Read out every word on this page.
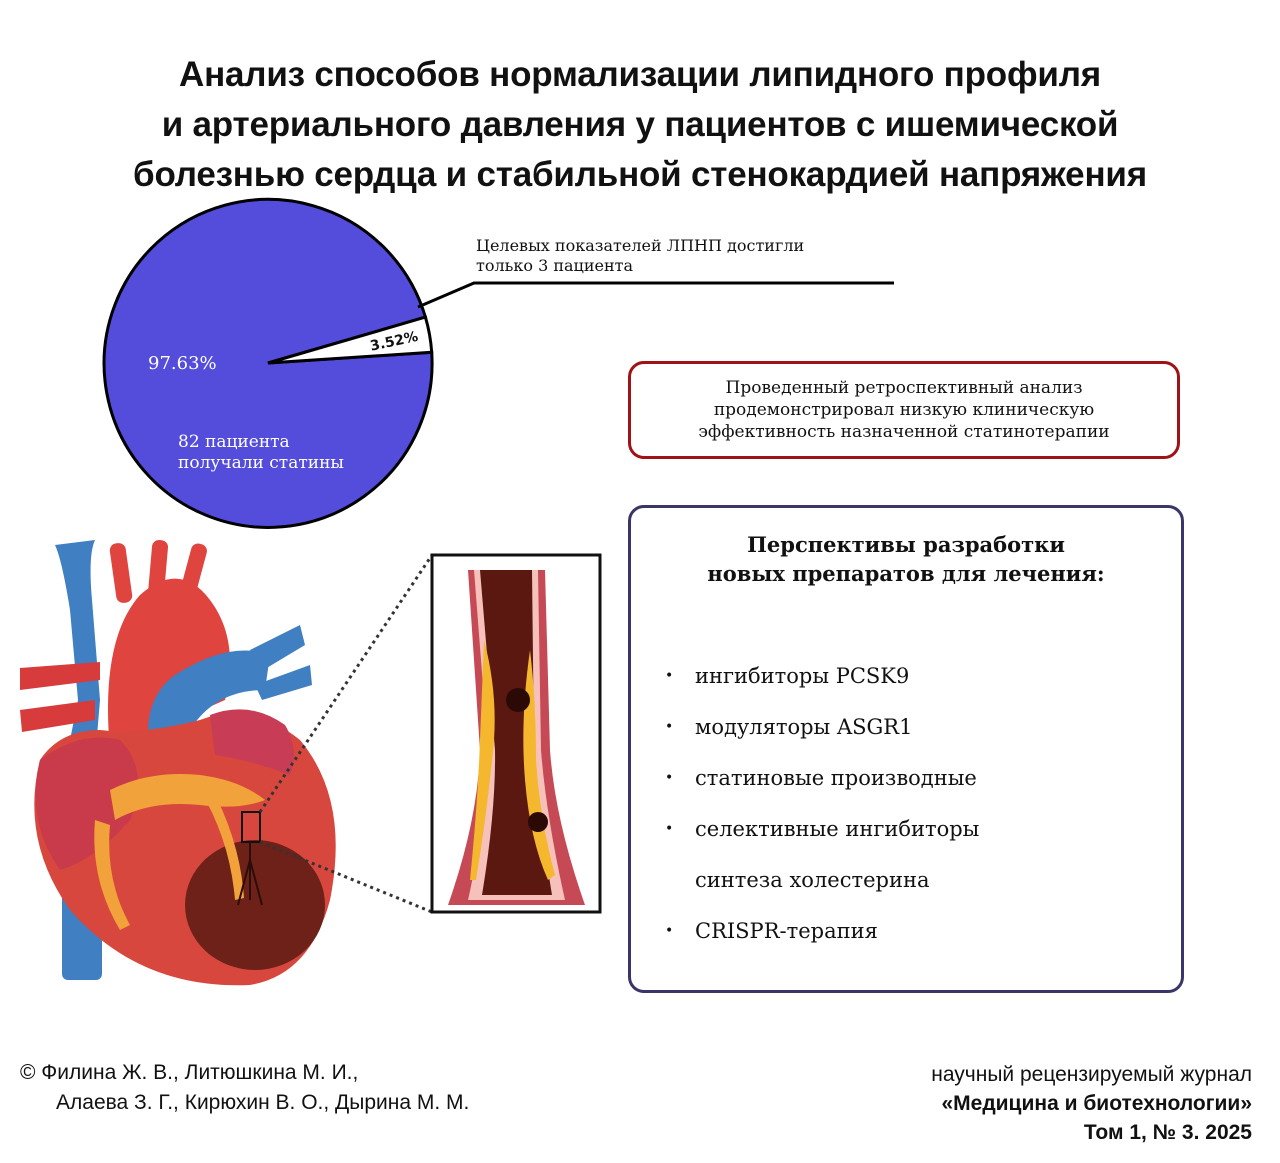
Анализ способов нормализации липидного профиля
и артериального давления у пациентов с ишемической
болезнью сердца и стабильной стенокардией напряжения
3.52%
Целевых показателей ЛПНП достигли
только 3 пациента
97.63%
82 пациента
получали статины
Проведенный ретроспективный анализ
продемонстрировал низкую клиническую
эффективность назначенной статинотерапии
Перспективы разработки
новых препаратов для лечения:
• ингибиторы PCSK9
• модуляторы ASGR1
• статиновые производные
• селективные ингибиторы
синтеза холестерина
• CRISPR-терапия
© Филина Ж. В., Литюшкина М. И.,
Алаева З. Г., Кирюхин В. О., Дырина М. М.
научный рецензируемый журнал
«Медицина и биотехнологии»
Том 1, № 3. 2025
